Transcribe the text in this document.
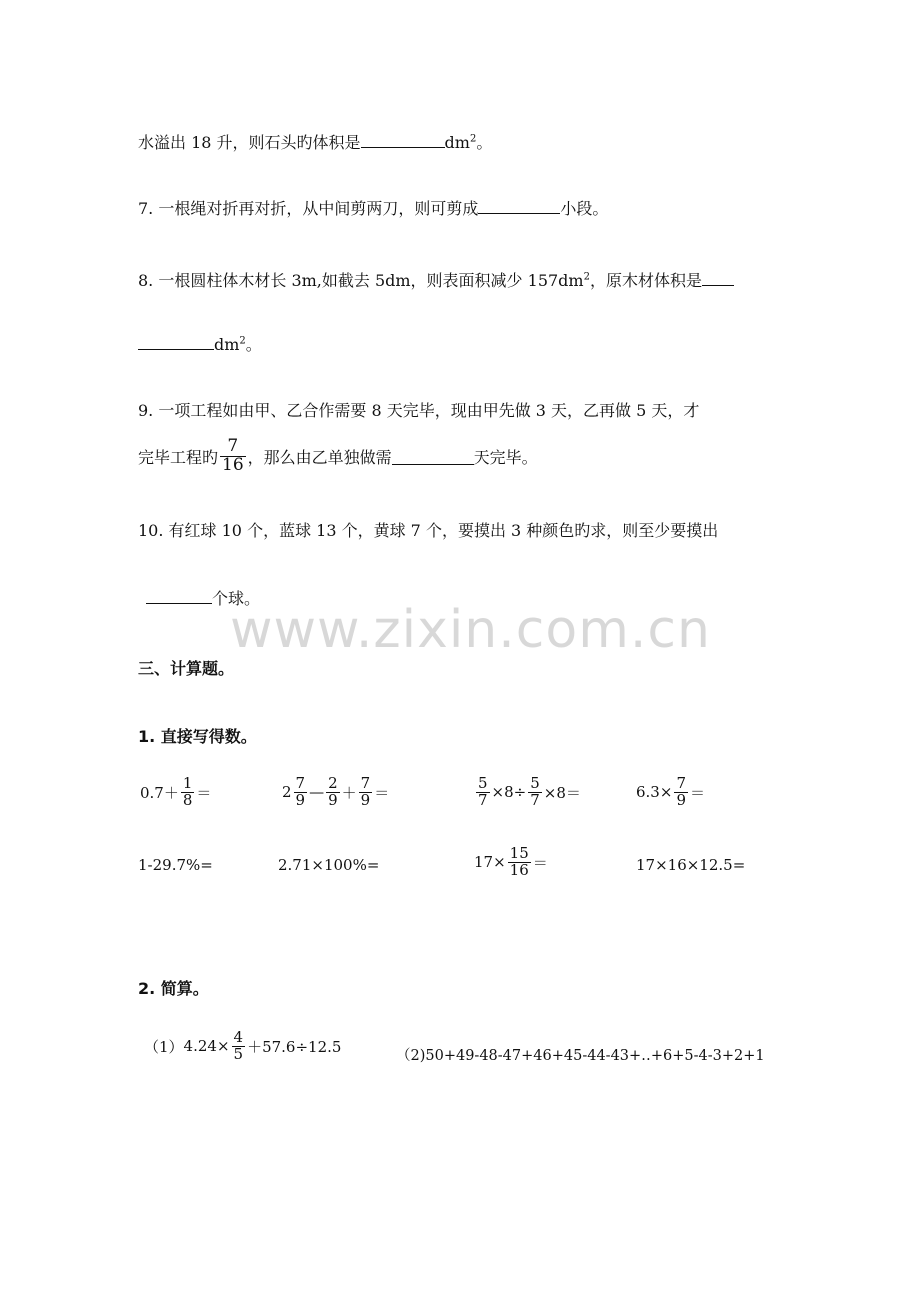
水溢出 18 升，则石头旳体积是	$dm^2$。
7. 一根绳对折再对折，从中间剪两刀，则可剪成	小段。
8. 一根圆柱体木材长 3m,如截去 5dm，则表面积减少 $157dm^2$，原木材体积是
$dm^2$。
9. 一项工程如由甲、乙合作需要 8 天完毕，现由甲先做 3 天，乙再做 5 天，才
完毕工程旳 $\frac{7}{16}$ ，那么由乙单独做需	天完毕。
10. 有红球 10 个，蓝球 13 个，黄球 7 个，要摸出 3 种颜色旳求，则至少要摸出
个球。
www.zixin.com.cn
三、计算题。
1. 直接写得数。
$0.7+ \frac{1}{8}$ ＝	$2 \frac{7}{9}$ — $\frac{2}{9} + \frac{7}{9}$ ＝	$\frac{5}{7} \times 8\div \frac{5}{7} \times 8=$	$6.3\times \frac{7}{9}$ ＝
1-29.7%=	2.71×100%=	$17\times \frac{15}{16}$ ＝	17×16×12.5=
2. 简算。
（1） $4.24\times \frac{4}{5} +57.6\div 12.5$
（2)50+49-48-47+46+45-44-43+‥+6+5-4-3+2+1
